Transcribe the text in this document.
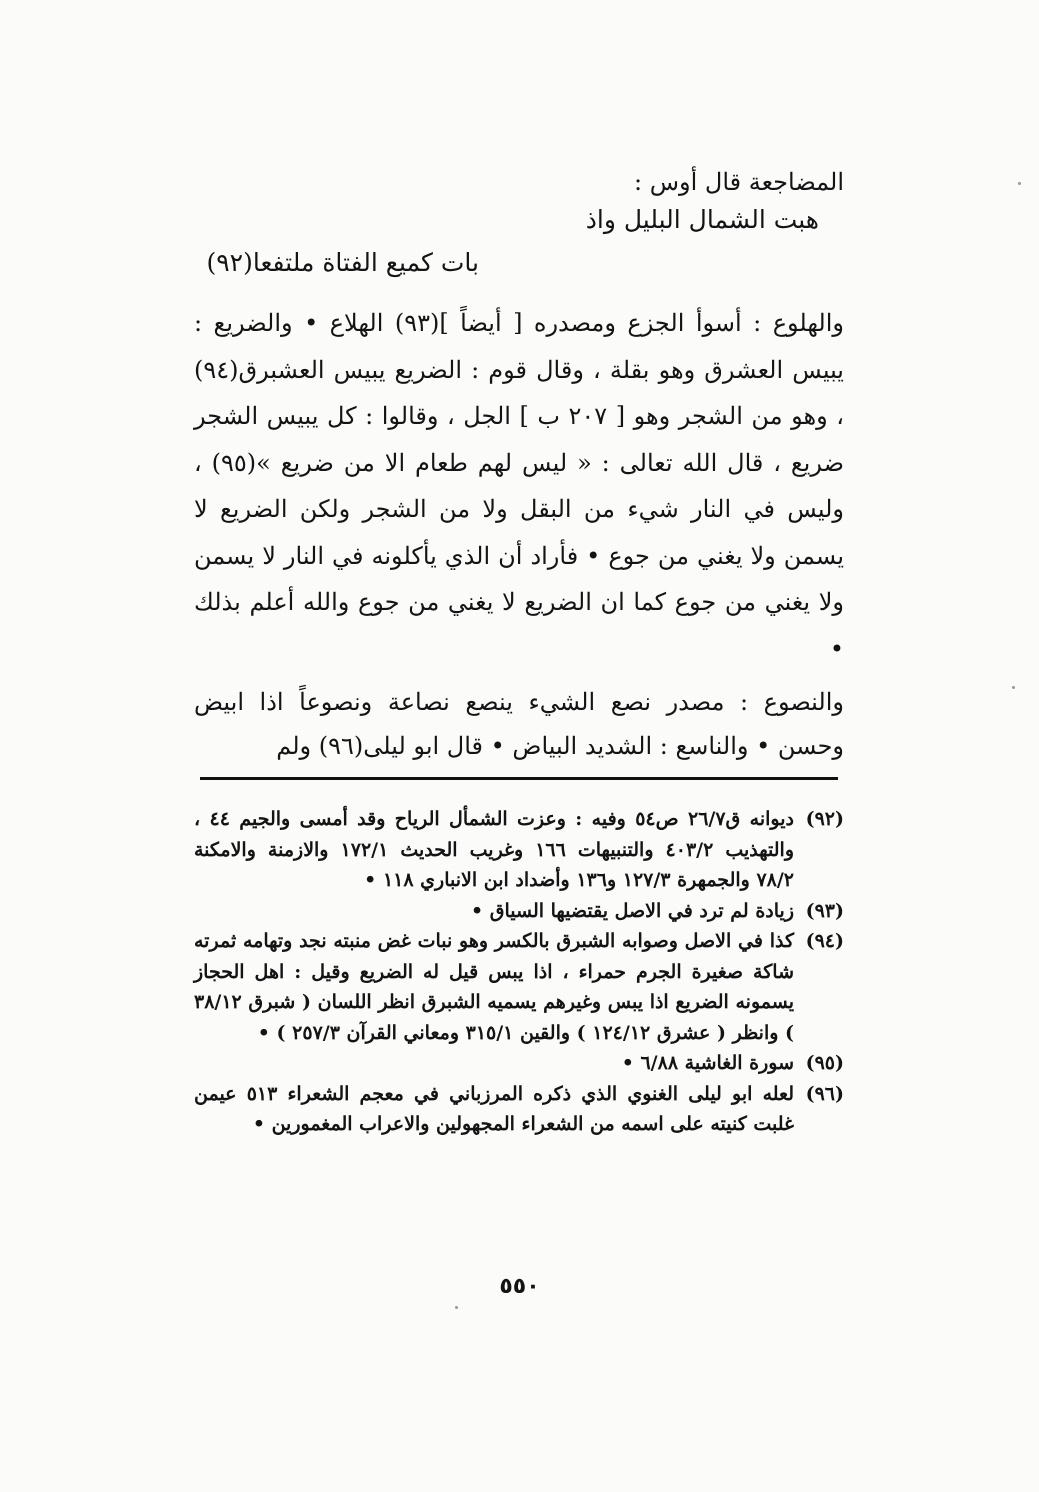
المضاجعة قال أوس :
هبت الشمال البليل واذ
بات كميع الفتاة ملتفعا(٩٢)

والهلوع : أسوأ الجزع ومصدره [ أيضاً ](٩٣) الهلاع • والضريع : يبيس العشرق وهو بقلة ، وقال قوم : الضريع يبيس العشبرق(٩٤) ، وهو من الشجر وهو [ ٢٠٧ ب ] الجل ، وقالوا : كل يبيس الشجر ضريع ، قال الله تعالى : « ليس لهم طعام الا من ضريع »(٩٥) ، وليس في النار شيء من البقل ولا من الشجر ولكن الضريع لا يسمن ولا يغني من جوع • فأراد أن الذي يأكلونه في النار لا يسمن ولا يغني من جوع كما ان الضريع لا يغني من جوع والله أعلم بذلك •

والنصوع : مصدر نصع الشيء ينصع نصاعة ونصوعاً اذا ابيض وحسن • والناسع : الشديد البياض • قال ابو ليلى(٩٦) ولم

(٩٢)
ديوانه ق٢٦/٧ ص٥٤ وفيه : وعزت الشمأل الرياح وقد أمسى والجيم ٤٤ ، والتهذيب ٤٠٣/٢ والتنبيهات ١٦٦ وغريب الحديث ١٧٢/١ والازمنة والامكنة ٧٨/٢ والجمهرة ١٢٧/٣ و١٣٦ وأضداد ابن الانباري ١١٨ •
(٩٣)
زيادة لم ترد في الاصل يقتضيها السياق •
(٩٤)
كذا في الاصل وصوابه الشبرق بالكسر وهو نبات غض منبته نجد وتهامه ثمرته شاكة صغيرة الجرم حمراء ، اذا يبس قيل له الضريع وقيل : اهل الحجاز يسمونه الضريع اذا يبس وغيرهم يسميه الشبرق انظر اللسان ( شبرق ٣٨/١٢ ) وانظر ( عشرق ١٢٤/١٢ ) والقين ٣١٥/١ ومعاني القرآن ٢٥٧/٣ ) •
(٩٥)
سورة الغاشية ٦/٨٨ •
(٩٦)
لعله ابو ليلى الغنوي الذي ذكره المرزباني في معجم الشعراء ٥١٣ عيمن غلبت كنيته على اسمه من الشعراء المجهولين والاعراب المغمورين •
٥٥٠
